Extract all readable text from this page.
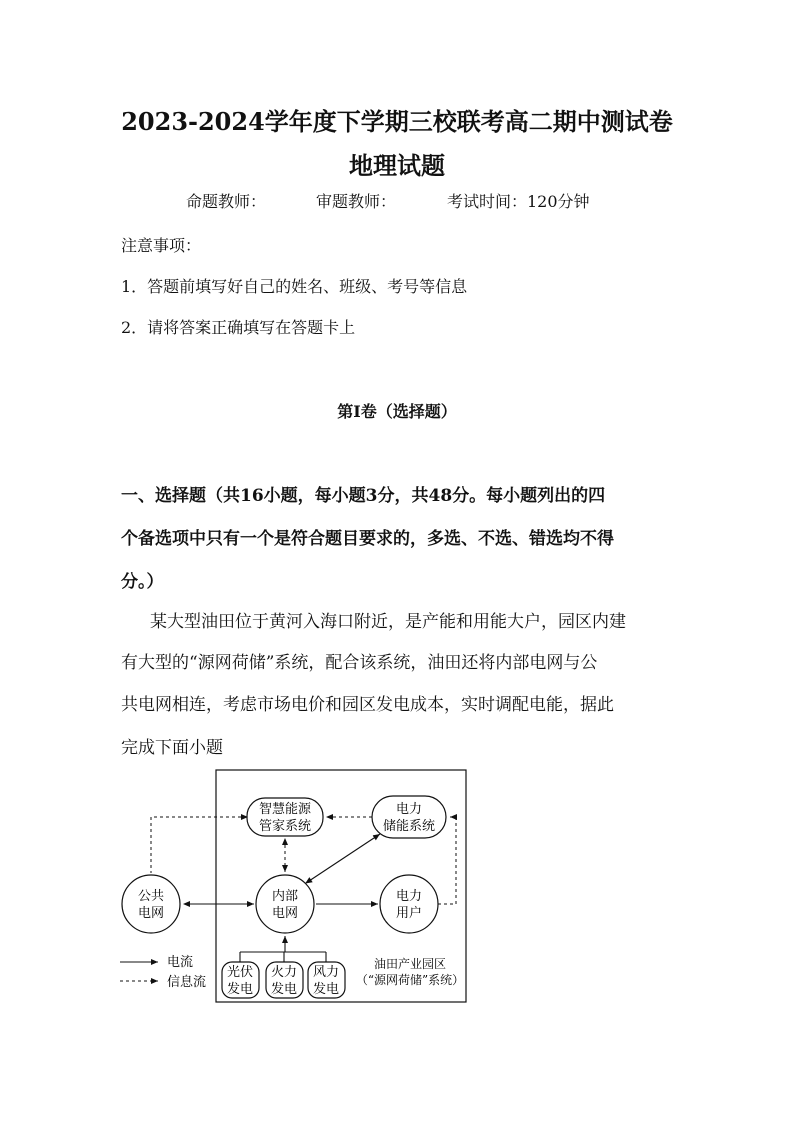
2023-2024学年度下学期三校联考高二期中测试卷
地理试题
命题教师：	审题教师：	考试时间：120分钟
注意事项：
1．答题前填写好自己的姓名、班级、考号等信息
2．请将答案正确填写在答题卡上
第I卷（选择题）
一、选择题（共16小题，每小题3分，共48分。每小题列出的四
个备选项中只有一个是符合题目要求的，多选、不选、错选均不得
分。）
某大型油田位于黄河入海口附近，是产能和用能大户，园区内建
有大型的“源网荷储”系统，配合该系统，油田还将内部电网与公
共电网相连，考虑市场电价和园区发电成本，实时调配电能，据此
完成下面小题
智慧能源
管家系统
电力
储能系统
公共
电网
内部
电网
电力
用户
光伏
发电
火力
发电
风力
发电
电流
信息流
油田产业园区
（“源网荷储”系统）
